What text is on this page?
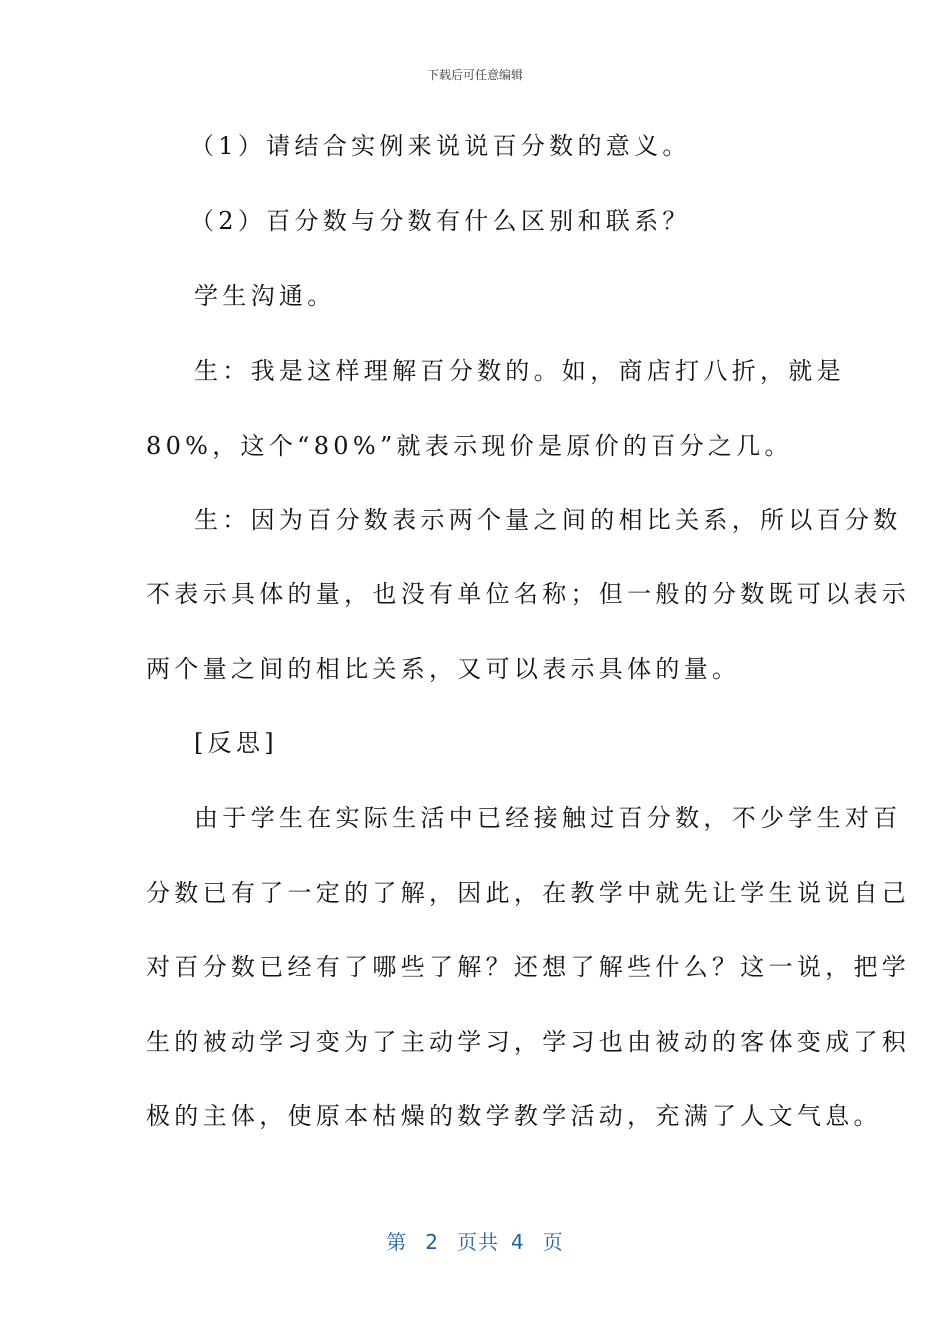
下载后可任意编辑
（1）请结合实例来说说百分数的意义。
（2）百分数与分数有什么区别和联系？
学生沟通。
生：我是这样理解百分数的。如，商店打八折，就是
80%，这个“80%”就表示现价是原价的百分之几。
生：因为百分数表示两个量之间的相比关系，所以百分数
不表示具体的量，也没有单位名称；但一般的分数既可以表示
两个量之间的相比关系，又可以表示具体的量。
[反思]
由于学生在实际生活中已经接触过百分数，不少学生对百
分数已有了一定的了解，因此，在教学中就先让学生说说自己
对百分数已经有了哪些了解？还想了解些什么？这一说，把学
生的被动学习变为了主动学习，学习也由被动的客体变成了积
极的主体，使原本枯燥的数学教学活动，充满了人文气息。
第 2 页共 4 页
